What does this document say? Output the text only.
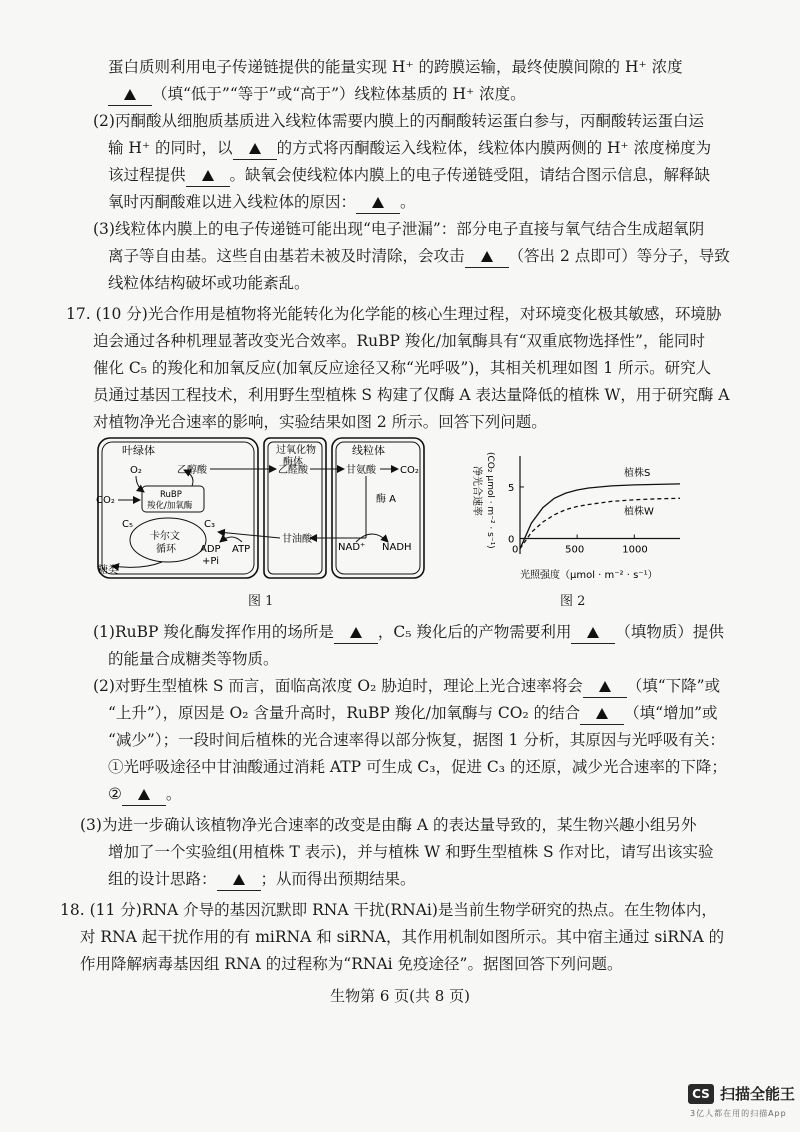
蛋白质则利用电子传递链提供的能量实现 H⁺ 的跨膜运输，最终使膜间隙的 H⁺ 浓度
（填“低于”“等于”或“高于”）线粒体基质的 H⁺ 浓度。
(2)丙酮酸从细胞质基质进入线粒体需要内膜上的丙酮酸转运蛋白参与，丙酮酸转运蛋白运
输 H⁺ 的同时，以	的方式将丙酮酸运入线粒体，线粒体内膜两侧的 H⁺ 浓度梯度为
该过程提供	。缺氧会使线粒体内膜上的电子传递链受阻，请结合图示信息，解释缺
氧时丙酮酸难以进入线粒体的原因：	。
(3)线粒体内膜上的电子传递链可能出现“电子泄漏”：部分电子直接与氧气结合生成超氧阴
离子等自由基。这些自由基若未被及时清除，会攻击	（答出 2 点即可）等分子，导致
线粒体结构破坏或功能紊乱。
17. (10 分)光合作用是植物将光能转化为化学能的核心生理过程，对环境变化极其敏感，环境胁
迫会通过各种机理显著改变光合效率。RuBP 羧化/加氧酶具有“双重底物选择性”，能同时
催化 C₅ 的羧化和加氧反应(加氧反应途径又称“光呼吸”)，其相关机理如图 1 所示。研究人
员通过基因工程技术，利用野生型植株 S 构建了仅酶 A 表达量降低的植株 W，用于研究酶 A
对植物净光合速率的影响，实验结果如图 2 所示。回答下列问题。
叶绿体	过氧化物
酶体
线粒体
O₂	乙醇酸	乙醛酸	甘氨酸 CO₂
RuBP
羧化/加氧酶
CO₂
C₅	C₃
卡尔文
循环
糖类
酶 A
甘油酸
ADP
+Pi
ATP	NAD⁺ NADH
图 1
0
5
0	500	1000
植株S
植株W
净光合速率 (CO₂ μmol · m⁻² · s⁻¹)
光照强度（μmol · m⁻² · s⁻¹）
图 2
(1)RuBP 羧化酶发挥作用的场所是	，C₅ 羧化后的产物需要利用	（填物质）提供
的能量合成糖类等物质。
(2)对野生型植株 S 而言，面临高浓度 O₂ 胁迫时，理论上光合速率将会	（填“下降”或
“上升”），原因是 O₂ 含量升高时，RuBP 羧化/加氧酶与 CO₂ 的结合	（填“增加”或
“减少”）；一段时间后植株的光合速率得以部分恢复，据图 1 分析，其原因与光呼吸有关：
①光呼吸途径中甘油酸通过消耗 ATP 可生成 C₃，促进 C₃ 的还原，减少光合速率的下降；
②	。
(3)为进一步确认该植物净光合速率的改变是由酶 A 的表达量导致的，某生物兴趣小组另外
增加了一个实验组(用植株 T 表示)，并与植株 W 和野生型植株 S 作对比，请写出该实验
组的设计思路：	；从而得出预期结果。
18. (11 分)RNA 介导的基因沉默即 RNA 干扰(RNAi)是当前生物学研究的热点。在生物体内，
对 RNA 起干扰作用的有 miRNA 和 siRNA，其作用机制如图所示。其中宿主通过 siRNA 的
作用降解病毒基因组 RNA 的过程称为“RNAi 免疫途径”。据图回答下列问题。
生物第 6 页(共 8 页)
CS 扫描全能王
3亿人都在用的扫描App
